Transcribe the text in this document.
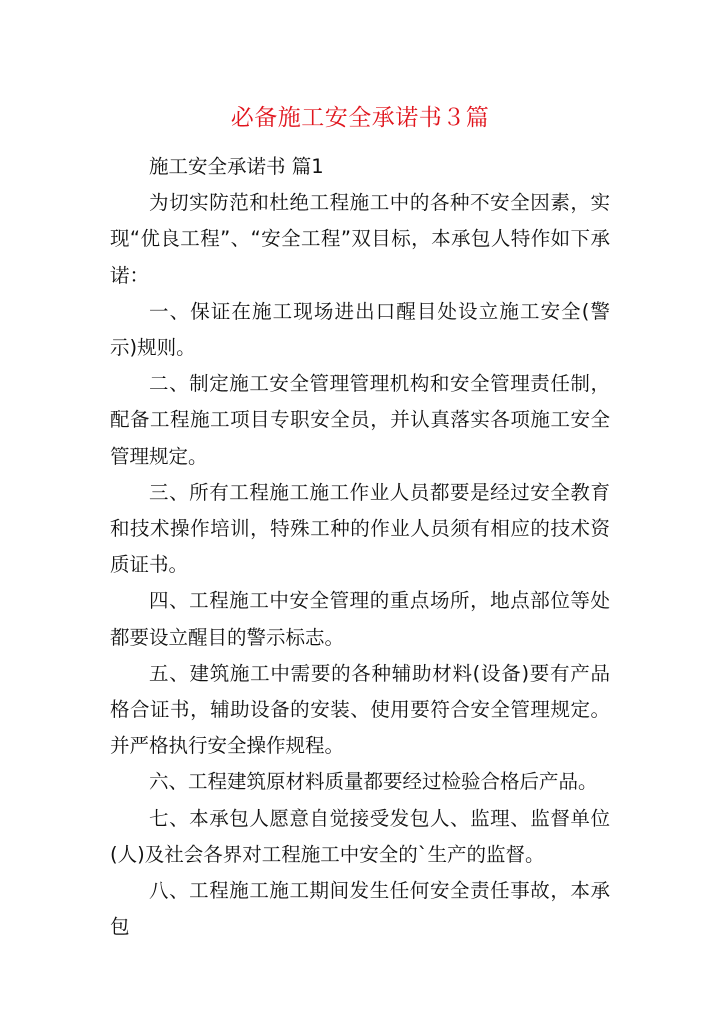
必备施工安全承诺书３篇

施工安全承诺书 篇1

为切实防范和杜绝工程施工中的各种不安全因素，实现“优良工程”、“安全工程”双目标，本承包人特作如下承诺：

一、保证在施工现场进出口醒目处设立施工安全(警示)规则。

二、制定施工安全管理管理机构和安全管理责任制，配备工程施工项目专职安全员，并认真落实各项施工安全管理规定。

三、所有工程施工施工作业人员都要是经过安全教育和技术操作培训，特殊工种的作业人员须有相应的技术资质证书。

四、工程施工中安全管理的重点场所，地点部位等处都要设立醒目的警示标志。

五、建筑施工中需要的各种辅助材料(设备)要有产品格合证书，辅助设备的安装、使用要符合安全管理规定。并严格执行安全操作规程。

六、工程建筑原材料质量都要经过检验合格后产品。

七、本承包人愿意自觉接受发包人、监理、监督单位(人)及社会各界对工程施工中安全的`生产的监督。

八、工程施工施工期间发生任何安全责任事故，本承包
